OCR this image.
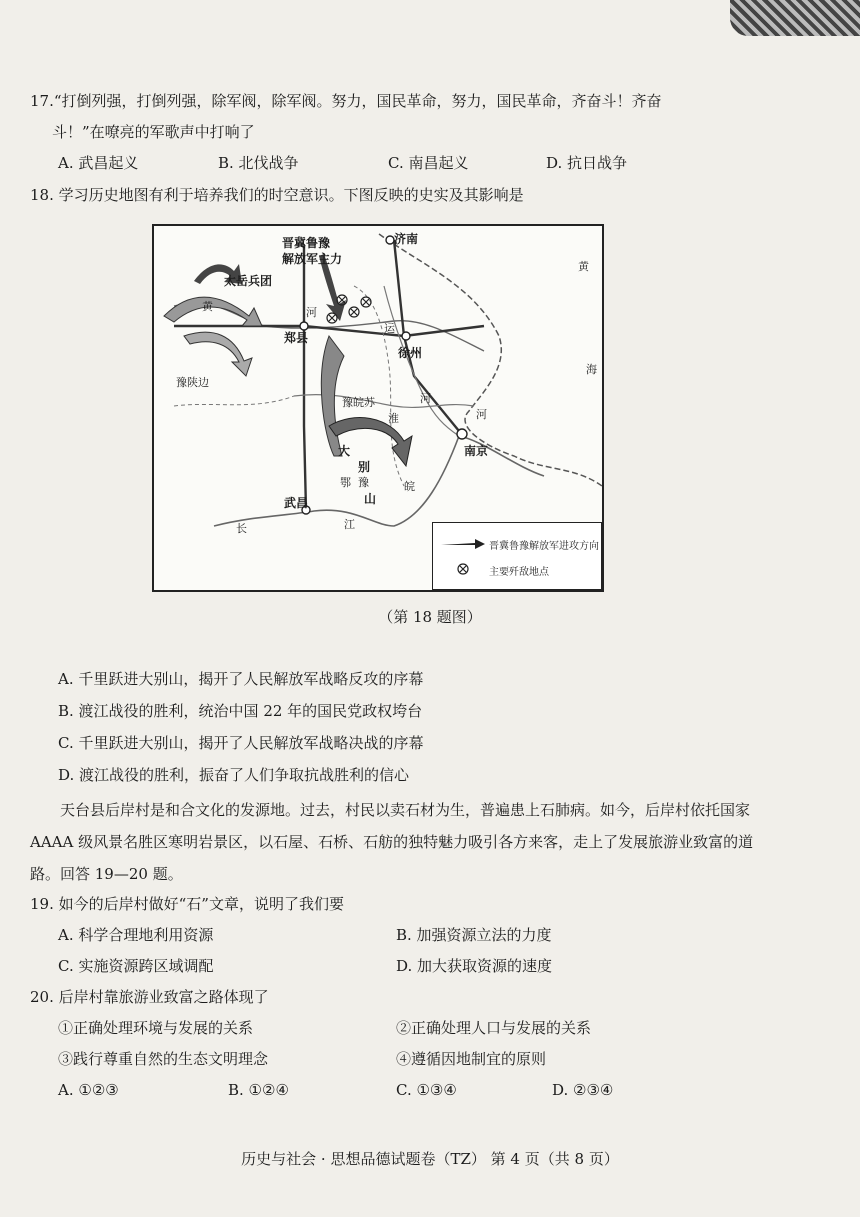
17.“打倒列强，打倒列强，除军阀，除军阀。努力，国民革命，努力，国民革命，齐奋斗！齐奋
斗！”在嘹亮的军歌声中打响了
A. 武昌起义	B. 北伐战争	C. 南昌起义	D. 抗日战争
18. 学习历史地图有利于培养我们的时空意识。下图反映的史实及其影响是
济南
晋冀鲁豫
解放军主力
太岳兵团
黄
海
黄	河
郑县
运
徐州
豫陕边
豫皖苏
淮
河
河
南京
大
别
山
鄂 豫	皖
武昌
长	江
晋冀鲁豫解放军进攻方向
主要歼敌地点
（第 18 题图）
A. 千里跃进大别山，揭开了人民解放军战略反攻的序幕
B. 渡江战役的胜利，统治中国 22 年的国民党政权垮台
C. 千里跃进大别山，揭开了人民解放军战略决战的序幕
D. 渡江战役的胜利，振奋了人们争取抗战胜利的信心
天台县后岸村是和合文化的发源地。过去，村民以卖石材为生，普遍患上石肺病。如今，后岸村依托国家 AAAA 级风景名胜区寒明岩景区，以石屋、石桥、石舫的独特魅力吸引各方来客，走上了发展旅游业致富的道路。回答 19—20 题。
19. 如今的后岸村做好“石”文章，说明了我们要
A. 科学合理地利用资源	B. 加强资源立法的力度
C. 实施资源跨区域调配	D. 加大获取资源的速度
20. 后岸村靠旅游业致富之路体现了
①正确处理环境与发展的关系	②正确处理人口与发展的关系
③践行尊重自然的生态文明理念	④遵循因地制宜的原则
A. ①②③	B. ①②④	C. ①③④	D. ②③④
历史与社会 · 思想品德试题卷（TZ） 第 4 页（共 8 页）
